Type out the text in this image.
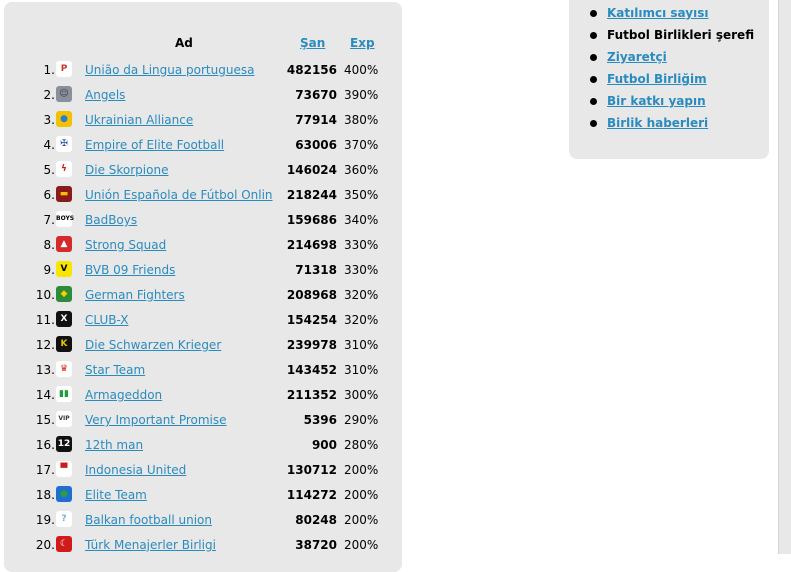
Ad	Şan Exp
1. P	União da Lingua portuguesa	482156 400%
2. ☺ Angels	73670 390%
3. ●	Ukrainian Alliance	77914 380%
4. ✠	Empire of Elite Football	63006 370%
5. ϟ	Die Skorpione	146024 360%
6. ▬	Unión Española de Fútbol Onlin 218244 350%
7. BOYS BadBoys	159686 340%
8. ▲	Strong Squad	214698 330%
9. V	BVB 09 Friends	71318 330%
10. ◆	German Fighters	208968 320%
11. X	CLUB-X	154254 320%
12. K	Die Schwarzen Krieger	239978 310%
13. ♛	Star Team	143452 310%
14. ▮▮ Armageddon	211352 300%
15. VIP Very Important Promise	5396 290%
16. 12 12th man	900 280%
17. ▀	Indonesia United	130712 200%
18. ●	Elite Team	114272 200%
19. ?	Balkan football union	80248 200%
20. ☾	Türk Menajerler Birligi	38720 200%
Katılımcı sayısı
Futbol Birlikleri şerefi
Ziyaretçi
Futbol Birliğim
Bir katkı yapın
Birlik haberleri
